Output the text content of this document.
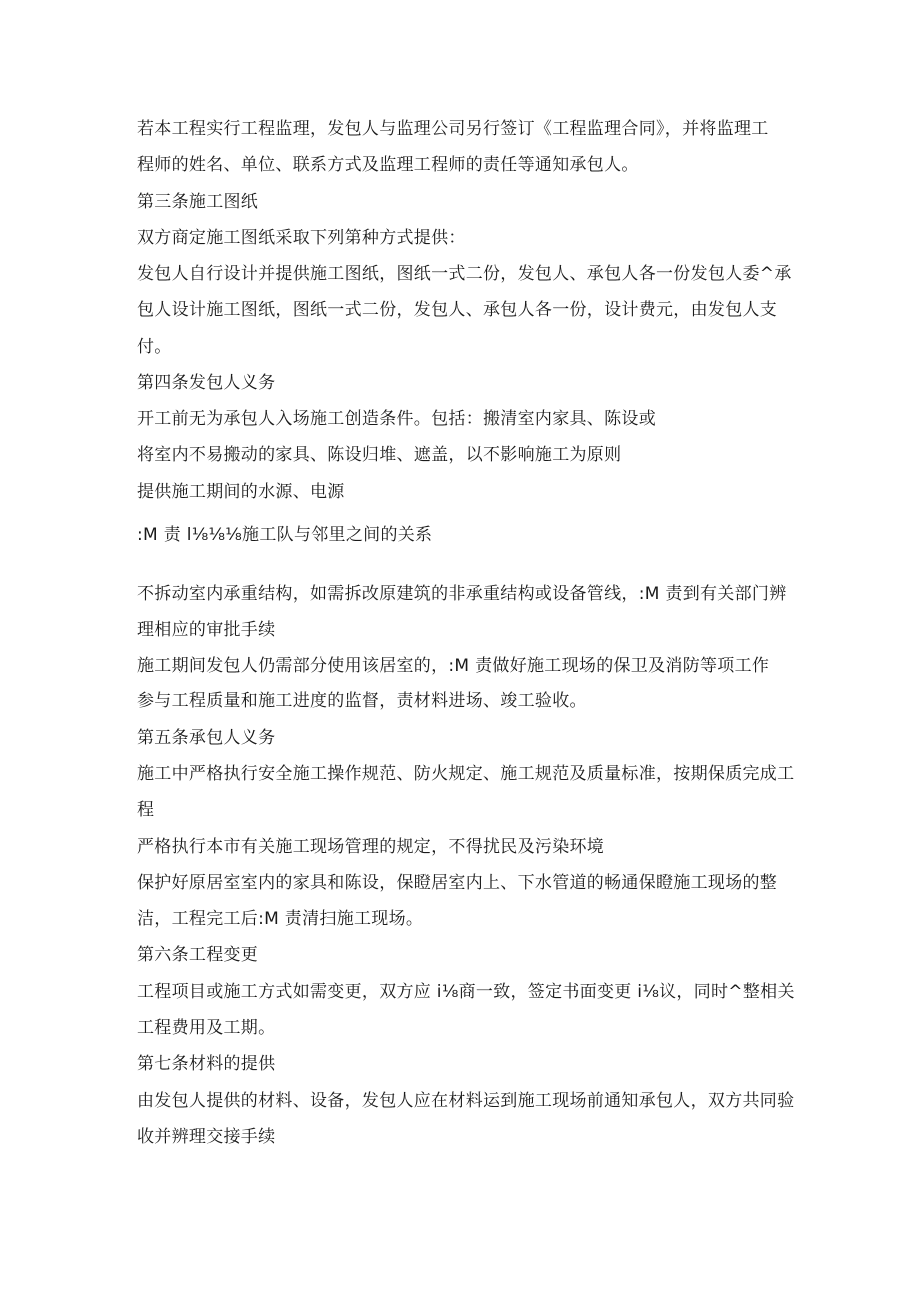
若本工程实行工程监理，发包人与监理公司另行签订《工程监理合同》，并将监理工

程师的姓名、单位、联系方式及监理工程师的责任等通知承包人。

第三条施工图纸

双方商定施工图纸采取下列第种方式提供：

发包人自行设计并提供施工图纸，图纸一式二份，发包人、承包人各一份发包人委^承

包人设计施工图纸，图纸一式二份，发包人、承包人各一份，设计费元，由发包人支

付。

第四条发包人义务

开工前无为承包人入场施工创造条件。包括：搬清室内家具、陈设或

将室内不易搬动的家具、陈设归堆、遮盖，以不影响施工为原则

提供施工期间的水源、电源

:M 责 l⅛⅛⅛施工队与邻里之间的关系

不拆动室内承重结构，如需拆改原建筑的非承重结构或设备管线，:M 责到有关部门辨

理相应的审批手续

施工期间发包人仍需部分使用该居室的，:M 责做好施工现场的保卫及消防等项工作

参与工程质量和施工进度的监督，责材料进场、竣工验收。

第五条承包人义务

施工中严格执行安全施工操作规范、防火规定、施工规范及质量标准，按期保质完成工

程

严格执行本市有关施工现场管理的规定，不得扰民及污染环境

保护好原居室室内的家具和陈设，保瞪居室内上、下水管道的畅通保瞪施工现场的整

洁，工程完工后:M 责清扫施工现场。

第六条工程变更

工程项目或施工方式如需变更，双方应 i⅛商一致，签定书面变更 i⅛议，同时^整相关

工程费用及工期。

第七条材料的提供

由发包人提供的材料、设备，发包人应在材料运到施工现场前通知承包人，双方共同验

收并辨理交接手续
